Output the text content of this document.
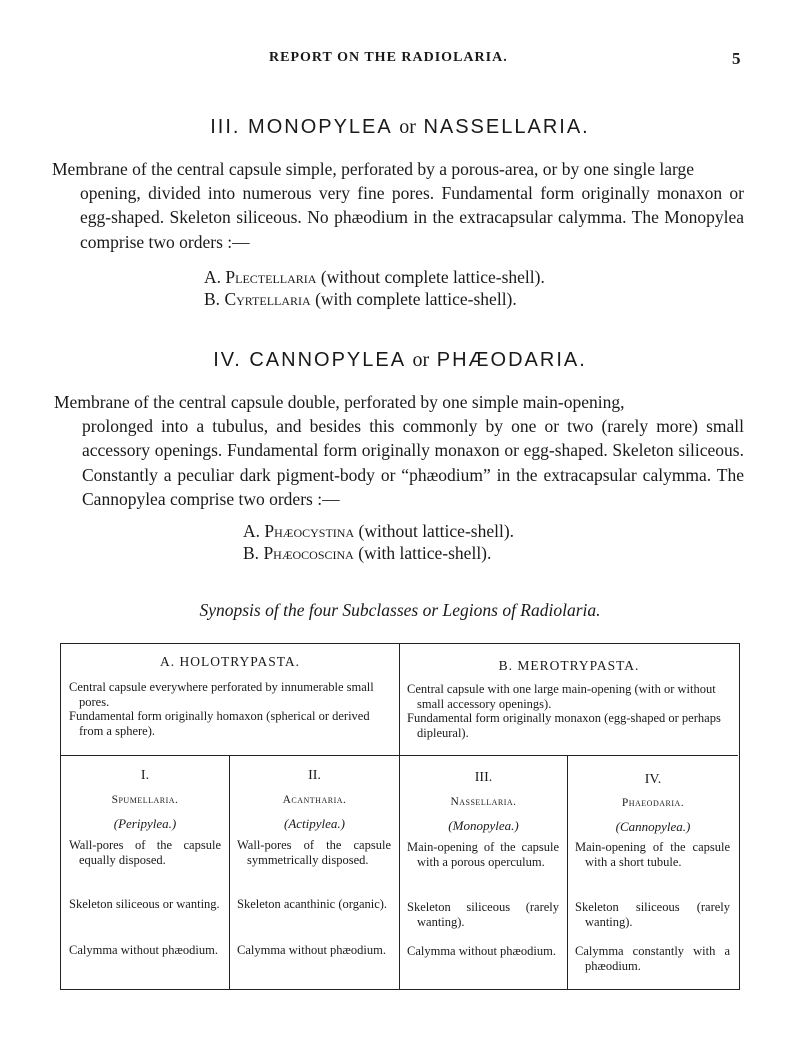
REPORT ON THE RADIOLARIA.	5
III. MONOPYLEA or NASSELLARIA.
Membrane of the central capsule simple, perforated by a porous-area, or by one single large
opening, divided into numerous very fine pores. Fundamental form originally monaxon or egg-shaped. Skeleton siliceous. No phæodium in the extracapsular calymma. The Monopylea comprise two orders :—
A. Plectellaria (without complete lattice-shell).
B. Cyrtellaria (with complete lattice-shell).
IV. CANNOPYLEA or PHÆODARIA.
Membrane of the central capsule double, perforated by one simple main-opening,
prolonged into a tubulus, and besides this commonly by one or two (rarely more) small accessory openings. Fundamental form originally monaxon or egg-shaped. Skeleton siliceous. Constantly a peculiar dark pigment-body or “phæodium” in the extracapsular calymma. The Cannopylea comprise two orders :—
A. Phæocystina (without lattice-shell).
B. Phæocoscina (with lattice-shell).
Synopsis of the four Subclasses or Legions of Radiolaria.
A. HOLOTRYPASTA.
Central capsule everywhere perforated by innumerable small pores.
Fundamental form originally homaxon (spherical or derived from a sphere).
B. MEROTRYPASTA.
Central capsule with one large main-opening (with or without small accessory openings).
Fundamental form originally monaxon (egg-shaped or perhaps dipleural).
I.
Spumellaria.
(Peripylea.)
Wall-pores of the capsule equally disposed.
Skeleton siliceous or wanting.
Calymma without phæodium.
II.
Acantharia.
(Actipylea.)
Wall-pores of the capsule symmetrically disposed.
Skeleton acanthinic (organic).
Calymma without phæodium.
III.
Nassellaria.
(Monopylea.)
Main-opening of the capsule with a porous operculum.
Skeleton siliceous (rarely wanting).
Calymma without phæodium.
IV.
Phaeodaria.
(Cannopylea.)
Main-opening of the capsule with a short tubule.
Skeleton siliceous (rarely wanting).
Calymma constantly with a phæodium.
